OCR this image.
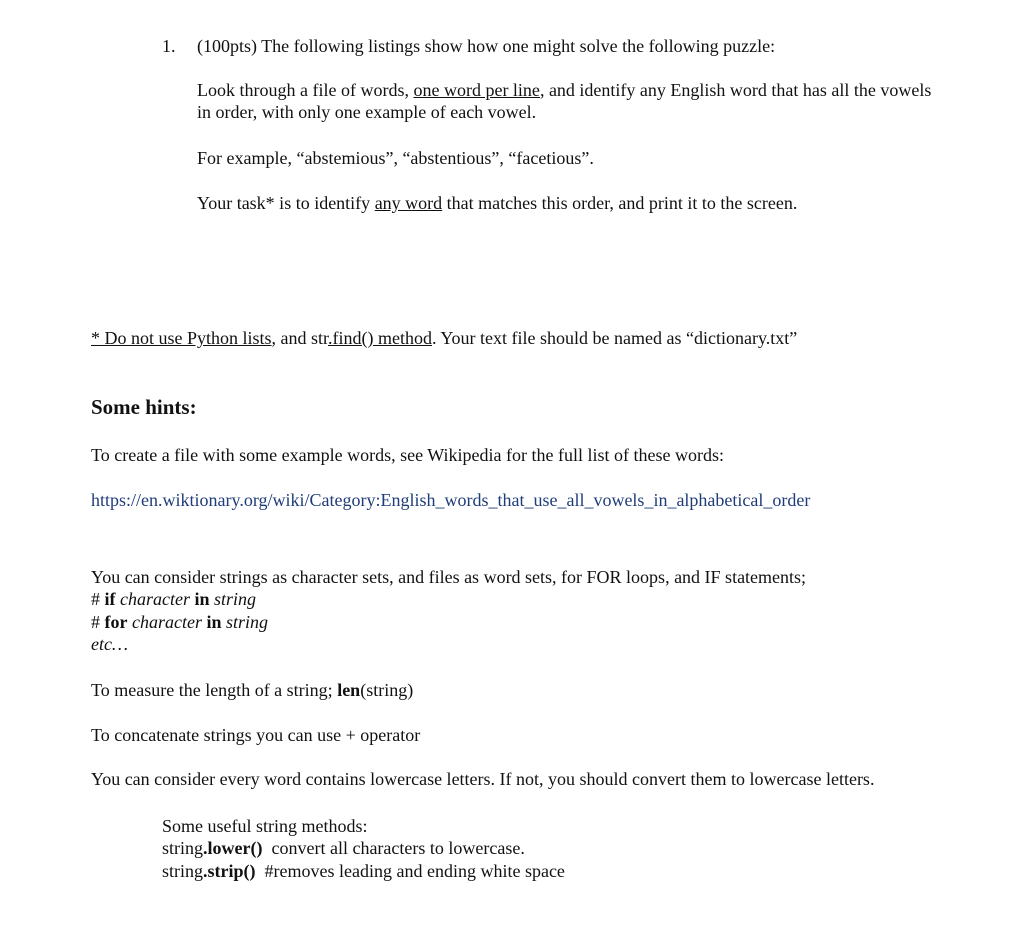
1. (100pts) The following listings show how one might solve the following puzzle:

Look through a file of words, one word per line, and identify any English word that has all the vowels

in order, with only one example of each vowel.

For example, “abstemious”, “abstentious”, “facetious”.

Your task* is to identify any word that matches this order, and print it to the screen.

* Do not use Python lists, and str.find() method. Your text file should be named as “dictionary.txt”

Some hints:

To create a file with some example words, see Wikipedia for the full list of these words:

https://en.wiktionary.org/wiki/Category:English_words_that_use_all_vowels_in_alphabetical_order

You can consider strings as character sets, and files as word sets, for FOR loops, and IF statements;

# if character in string

# for character in string

etc…

To measure the length of a string; len(string)

To concatenate strings you can use + operator

You can consider every word contains lowercase letters. If not, you should convert them to lowercase letters.

Some useful string methods:

string.lower()  convert all characters to lowercase.

string.strip()  #removes leading and ending white space
